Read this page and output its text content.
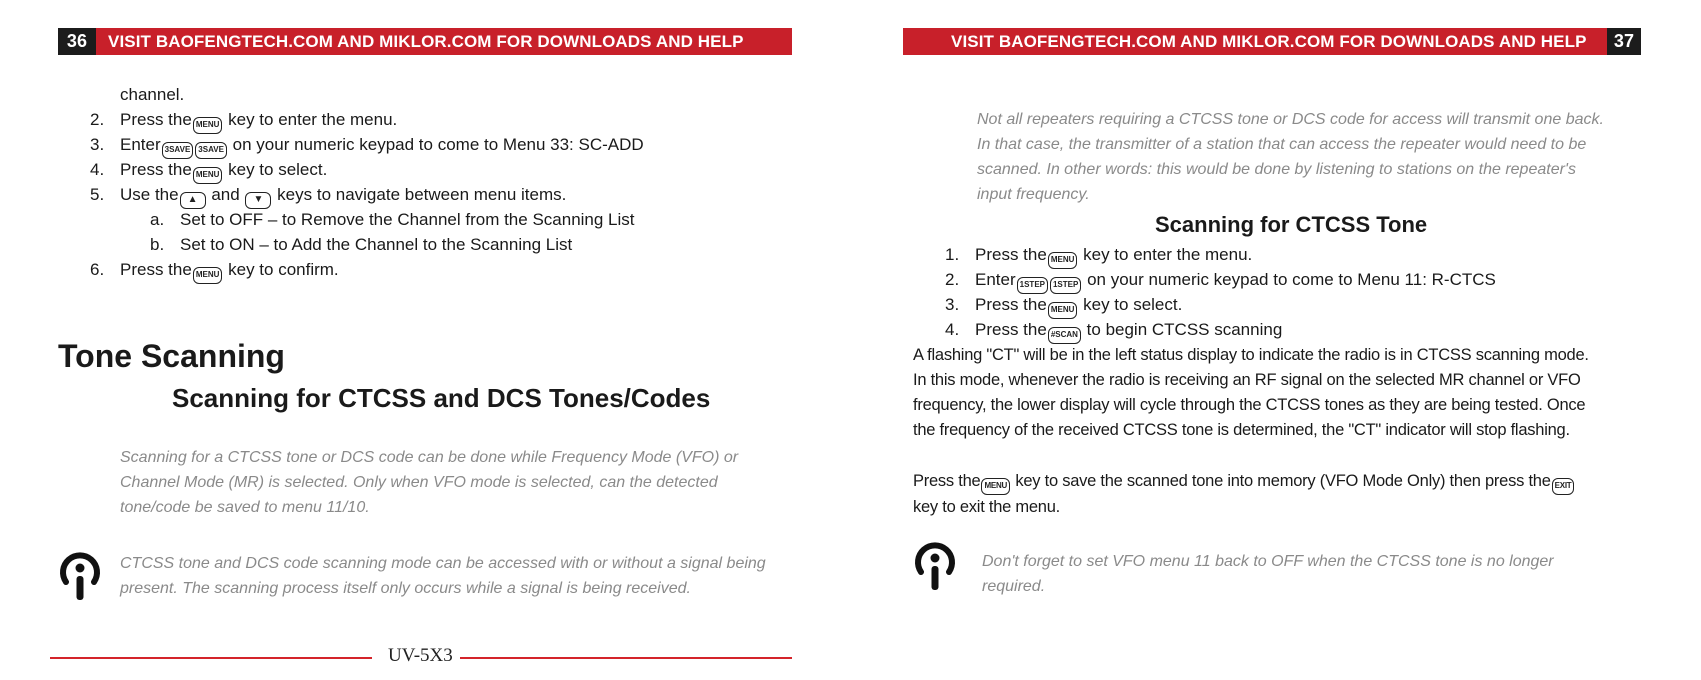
36	VISIT BAOFENGTECH.COM AND MIKLOR.COM FOR DOWNLOADS AND HELP
channel.
2. Press the MENU key to enter the menu.
3. Enter 3SAVE 3SAVE on your numeric keypad to come to Menu 33: SC-ADD
4. Press the MENU key to select.
5. Use the ▲ and ▼ keys to navigate between menu items.
a. Set to OFF – to Remove the Channel from the Scanning List
b. Set to ON – to Add the Channel to the Scanning List
6. Press the MENU key to confirm.
Tone Scanning
Scanning for CTCSS and DCS Tones/Codes
Scanning for a CTCSS tone or DCS code can be done while Frequency Mode (VFO) or
Channel Mode (MR) is selected. Only when VFO mode is selected, can the detected
tone/code be saved to menu 11/10.
CTCSS tone and DCS code scanning mode can be accessed with or without a signal being
present. The scanning process itself only occurs while a signal is being received.
UV-5X3
VISIT BAOFENGTECH.COM AND MIKLOR.COM FOR DOWNLOADS AND HELP	37
Not all repeaters requiring a CTCSS tone or DCS code for access will transmit one back.
In that case, the transmitter of a station that can access the repeater would need to be
scanned. In other words: this would be done by listening to stations on the repeater's
input frequency.
Scanning for CTCSS Tone
1. Press the MENU key to enter the menu.
2. Enter 1STEP 1STEP on your numeric keypad to come to Menu 11: R-CTCS
3. Press the MENU key to select.
4. Press the #SCAN to begin CTCSS scanning
A flashing "CT" will be in the left status display to indicate the radio is in CTCSS scanning mode.
In this mode, whenever the radio is receiving an RF signal on the selected MR channel or VFO
frequency, the lower display will cycle through the CTCSS tones as they are being tested. Once
the frequency of the received CTCSS tone is determined, the "CT" indicator will stop flashing.
Press the MENU key to save the scanned tone into memory (VFO Mode Only) then press the EXIT
key to exit the menu.
Don't forget to set VFO menu 11 back to OFF when the CTCSS tone is no longer
required.
